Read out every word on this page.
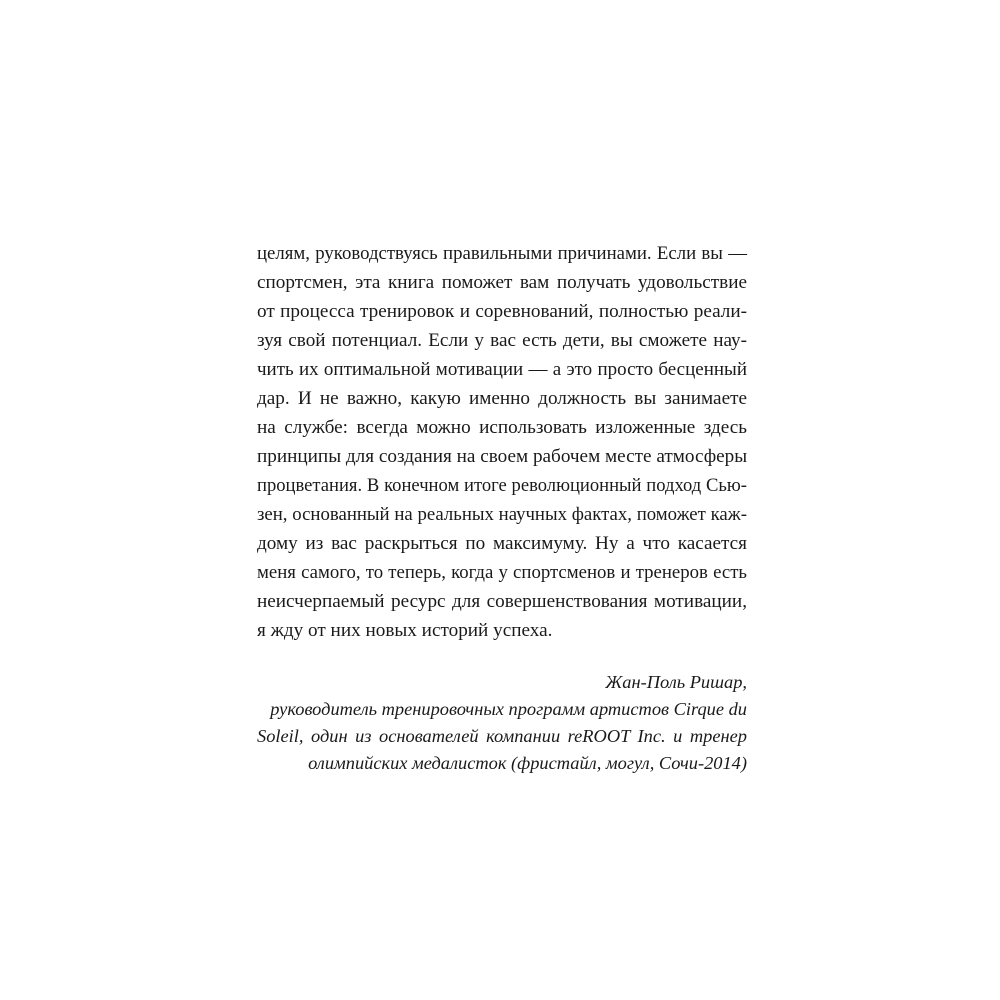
целям, руководствуясь правильными причинами. Если вы —
спортсмен, эта книга поможет вам получать удовольствие
от процесса тренировок и соревнований, полностью реали-
зуя свой потенциал. Если у вас есть дети, вы сможете нау-
чить их оптимальной мотивации — а это просто бесценный
дар. И не важно, какую именно должность вы занимаете
на службе: всегда можно использовать изложенные здесь
принципы для создания на своем рабочем месте атмосферы
процветания. В конечном итоге революционный подход Сью-
зен, основанный на реальных научных фактах, поможет каж-
дому из вас раскрыться по максимуму. Ну а что касается
меня самого, то теперь, когда у спортсменов и тренеров есть
неисчерпаемый ресурс для совершенствования мотивации,
я жду от них новых историй успеха.
Жан-Поль Ришар,
руководитель тренировочных программ артистов Cirque du
Soleil, один из основателей компании reROOT Inc. и тренер
олимпийских медалисток (фристайл, могул, Сочи-2014)
